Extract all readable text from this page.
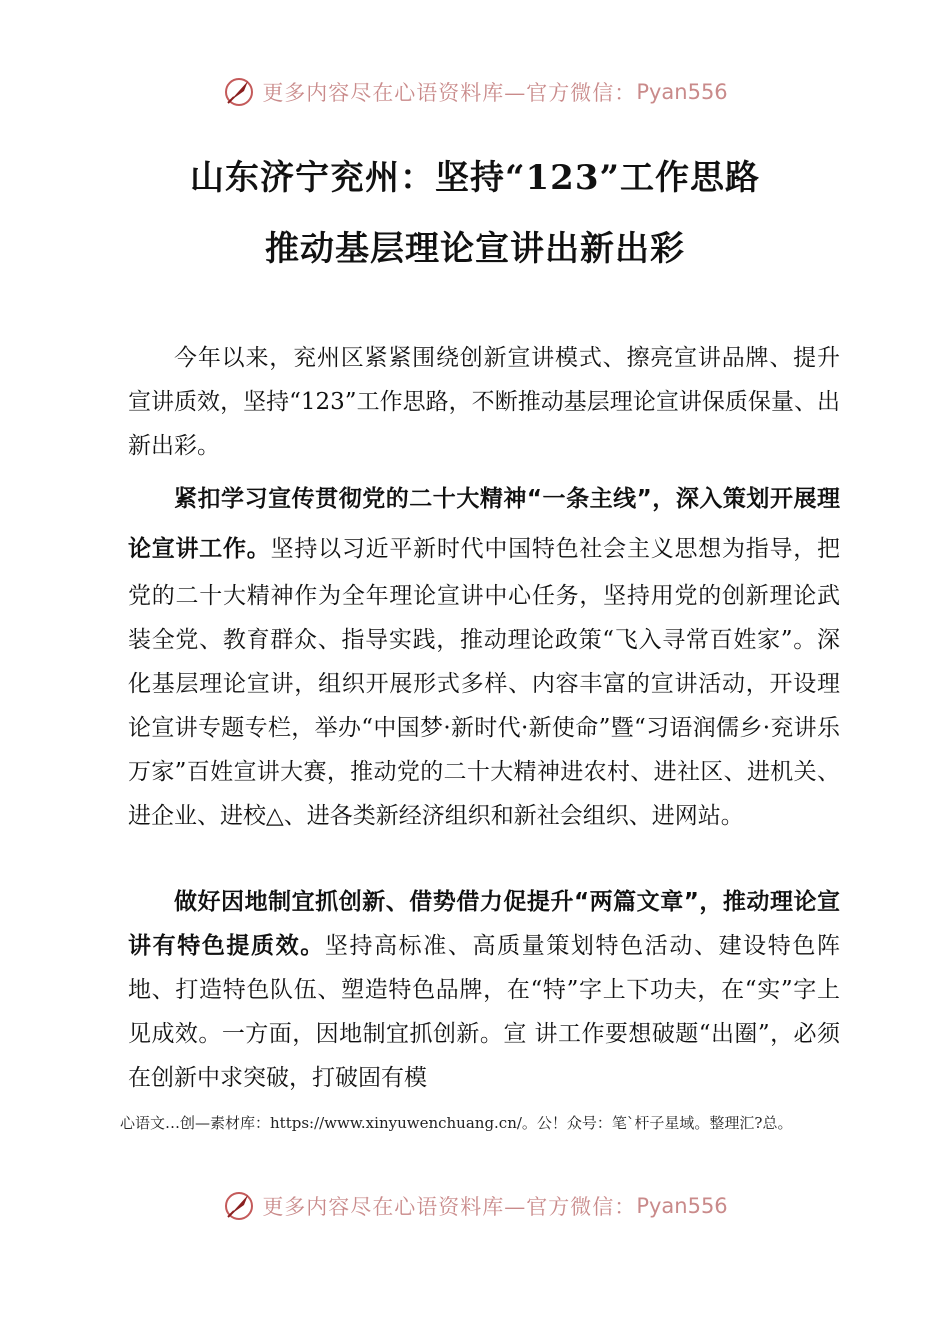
更多内容尽在心语资料库—官方微信： Pyan556
山东济宁兖州：坚持“123”工作思路
推动基层理论宣讲出新出彩

今年以来，兖州区紧紧围绕创新宣讲模式、擦亮宣讲品牌、提升宣讲质效，坚持“123”工作思路，不断推动基层理论宣讲保质保量、出新出彩。

紧扣学习宣传贯彻党的二十大精神“一条主线”，深入策划开展理论宣讲工作。坚持以习近平新时代中国特色社会主义思想为指导，把党的二十大精神作为全年理论宣讲中心任务，坚持用党的创新理论武装全党、教育群众、指导实践，推动理论政策“飞入寻常百姓家”。深化基层理论宣讲，组织开展形式多样、内容丰富的宣讲活动，开设理论宣讲专题专栏，举办“中国梦·新时代·新使命”暨“习语润儒乡·兖讲乐万家”百姓宣讲大赛，推动党的二十大精神进农村、进社区、进机关、进企业、进校△、进各类新经济组织和新社会组织、进网站。

做好因地制宜抓创新、借势借力促提升“两篇文章”，推动理论宣讲有特色提质效。坚持高标准、高质量策划特色活动、建设特色阵地、打造特色队伍、塑造特色品牌，在“特”字上下功夫，在“实”字上见成效。一方面，因地制宜抓创新。宣 讲工作要想破题“出圈”，必须在创新中求突破，打破固有模

心语文…创—素材库：https://www.xinyuwenchuang.cn/。公！众号：笔`杆子星域。整理汇?总。

更多内容尽在心语资料库—官方微信： Pyan556
